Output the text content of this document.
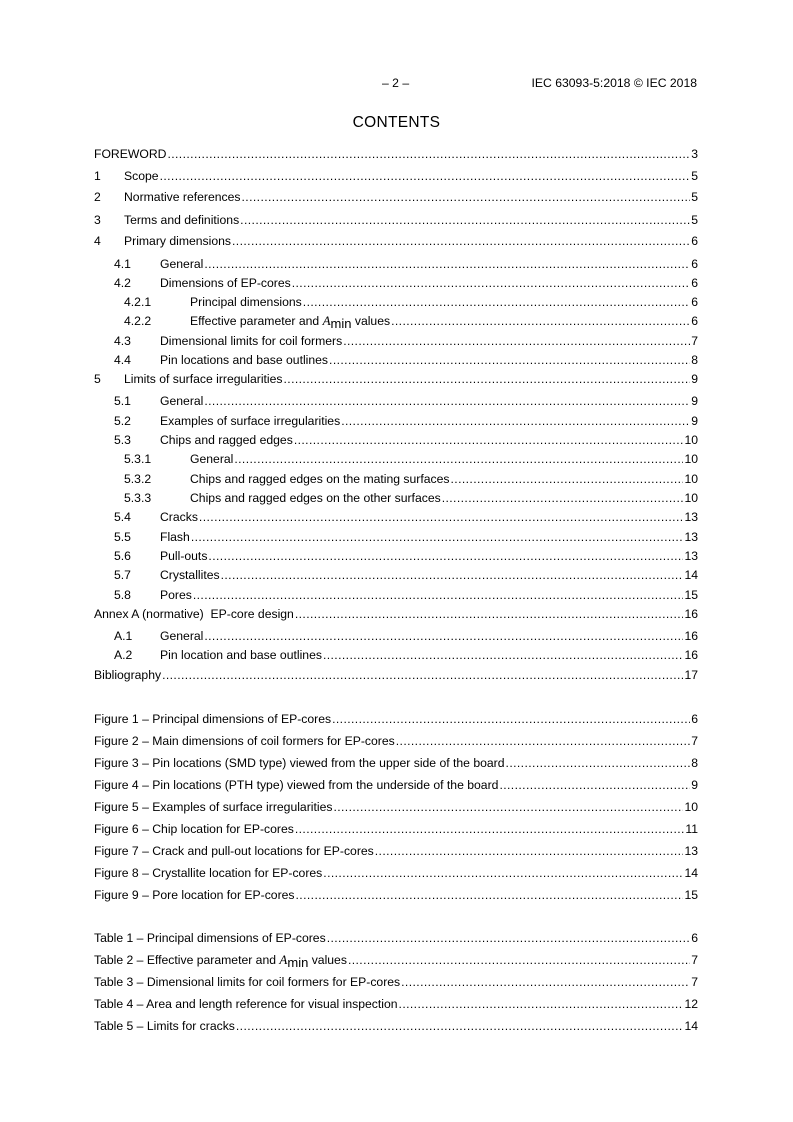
– 2 –	IEC 63093-5:2018 © IEC 2018
CONTENTS
FOREWORD .....	3
1	Scope .....	5
2	Normative references .....	5
3	Terms and definitions .....	5
4	Primary dimensions .....	6
4.1	General .....	6
4.2	Dimensions of EP-cores .....	6
4.2.1	Principal dimensions .....	6
4.2.2	Effective parameter and Amin values .....	6
4.3	Dimensional limits for coil formers .....	7
4.4	Pin locations and base outlines .....	8
5	Limits of surface irregularities .....	9
5.1	General .....	9
5.2	Examples of surface irregularities .....	9
5.3	Chips and ragged edges .....	10
5.3.1	General .....	10
5.3.2	Chips and ragged edges on the mating surfaces .....	10
5.3.3	Chips and ragged edges on the other surfaces .....	10
5.4	Cracks .....	13
5.5	Flash .....	13
5.6	Pull-outs .....	13
5.7	Crystallites .....	14
5.8	Pores .....	15
Annex A (normative)  EP-core design .....	16
A.1	General .....	16
A.2	Pin location and base outlines .....	16
Bibliography .....	17
Figure 1 – Principal dimensions of EP-cores .....	6
Figure 2 – Main dimensions of coil formers for EP-cores .....	7
Figure 3 – Pin locations (SMD type) viewed from the upper side of the board .....	8
Figure 4 – Pin locations (PTH type) viewed from the underside of the board .....	9
Figure 5 – Examples of surface irregularities .....	10
Figure 6 – Chip location for EP-cores .....	11
Figure 7 – Crack and pull-out locations for EP-cores .....	13
Figure 8 – Crystallite location for EP-cores .....	14
Figure 9 – Pore location for EP-cores .....	15
Table 1 – Principal dimensions of EP-cores .....	6
Table 2 – Effective parameter and Amin values .....	7
Table 3 – Dimensional limits for coil formers for EP-cores .....	7
Table 4 – Area and length reference for visual inspection .....	12
Table 5 – Limits for cracks .....	14
